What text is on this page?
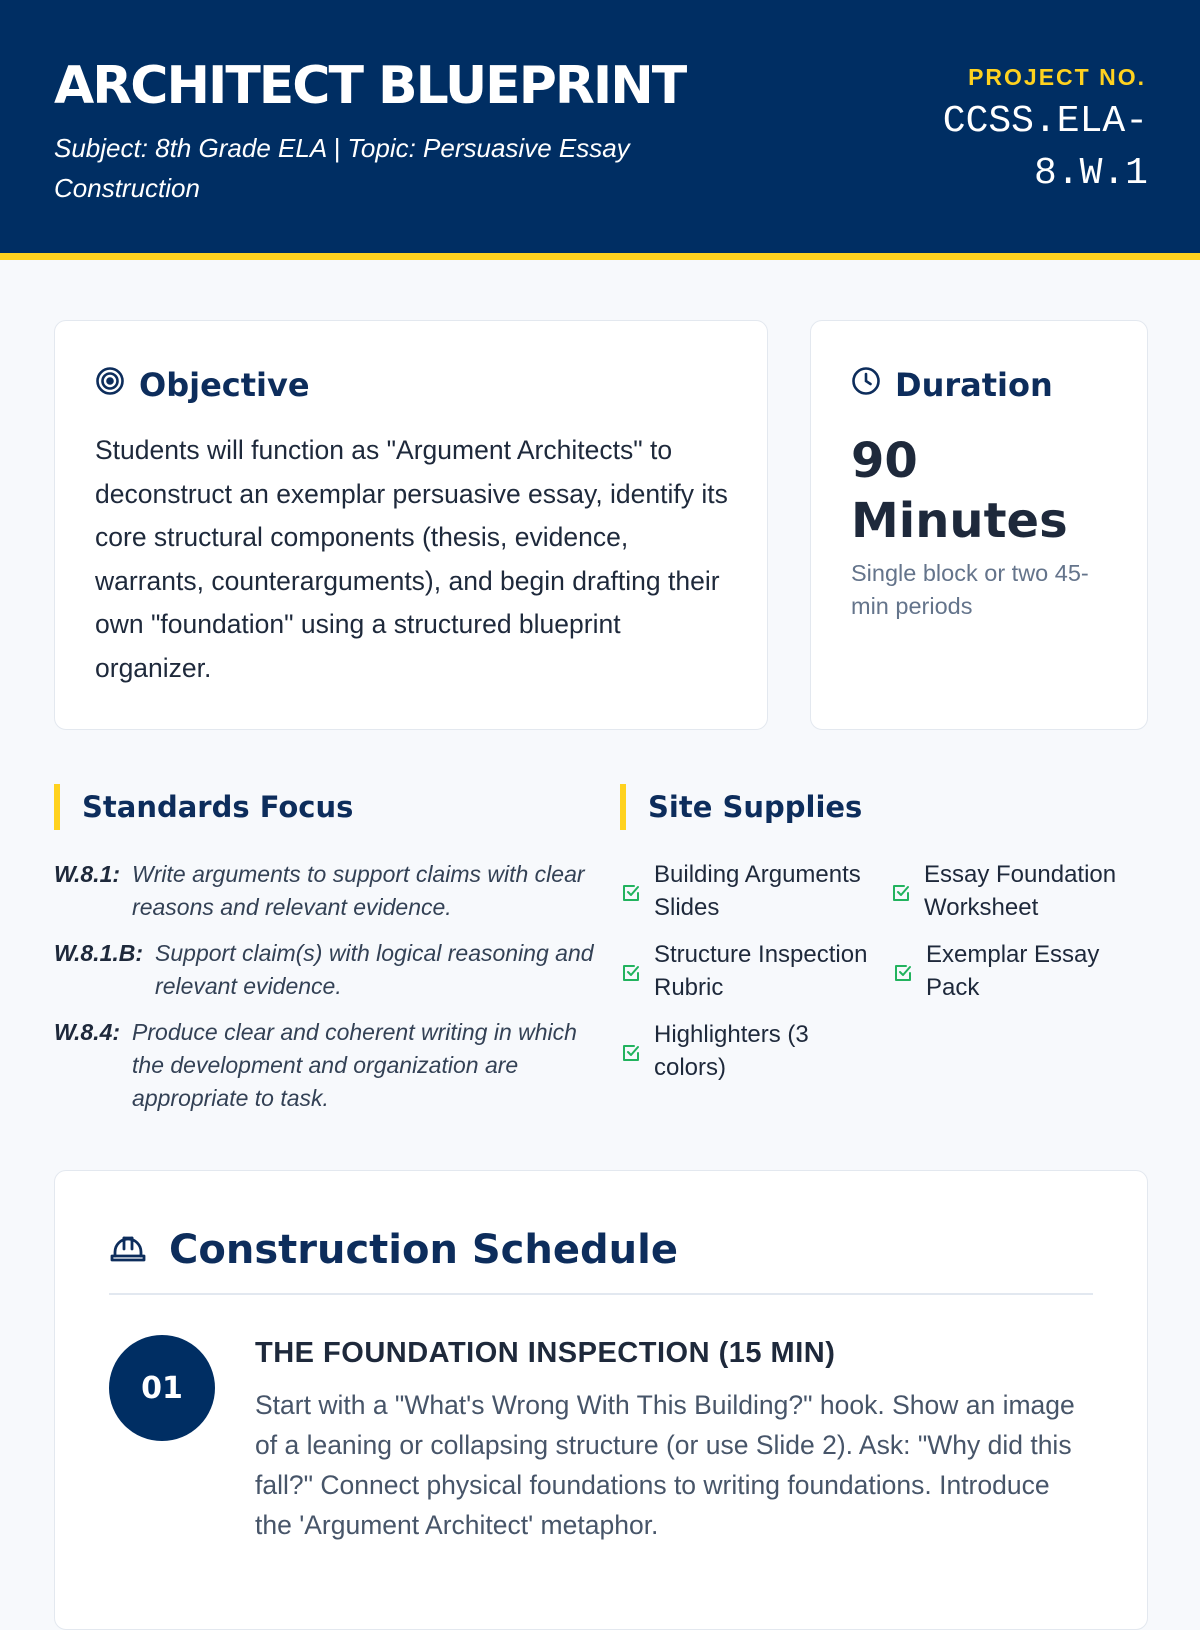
ARCHITECT BLUEPRINT
Subject: 8th Grade ELA | Topic: Persuasive Essay Construction
PROJECT NO.
CCSS.ELA-8.W.1
Objective
Students will function as "Argument Architects" to deconstruct an exemplar persuasive essay, identify its core structural components (thesis, evidence, warrants, counterarguments), and begin drafting their own "foundation" using a structured blueprint organizer.
Duration
90 Minutes
Single block or two 45-min periods
Standards Focus
W.8.1: Write arguments to support claims with clear reasons and relevant evidence.
W.8.1.B: Support claim(s) with logical reasoning and relevant evidence.
W.8.4: Produce clear and coherent writing in which the development and organization are appropriate to task.
Site Supplies
Building Arguments Slides
Essay Foundation Worksheet
Structure Inspection Rubric
Exemplar Essay Pack
Highlighters (3 colors)
Construction Schedule
01
THE FOUNDATION INSPECTION (15 MIN)
Start with a "What's Wrong With This Building?" hook. Show an image of a leaning or collapsing structure (or use Slide 2). Ask: "Why did this fall?" Connect physical foundations to writing foundations. Introduce the 'Argument Architect' metaphor.
